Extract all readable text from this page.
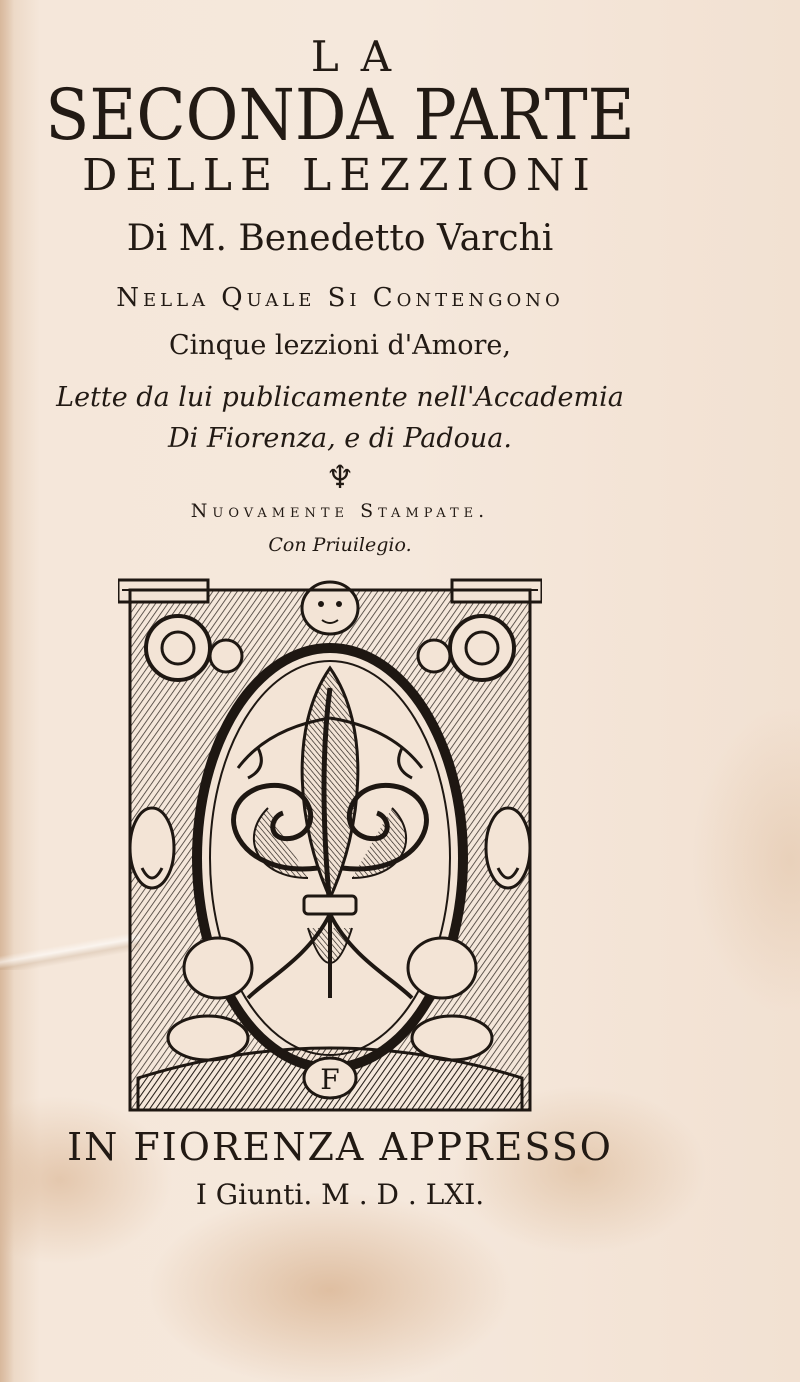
LA
SECONDA PARTE
DELLE LEZZIONI
Di M. Benedetto Varchi
Nella Quale Si Contengono
Cinque lezzioni d'Amore,
Lette da lui publicamente nell'Accademia
Di Fiorenza, e di Padoua.
♆
Nuovamente Stampate.
Con Priuilegio.
F
IN FIORENZA APPRESSO
I Giunti. M . D . LXI.
